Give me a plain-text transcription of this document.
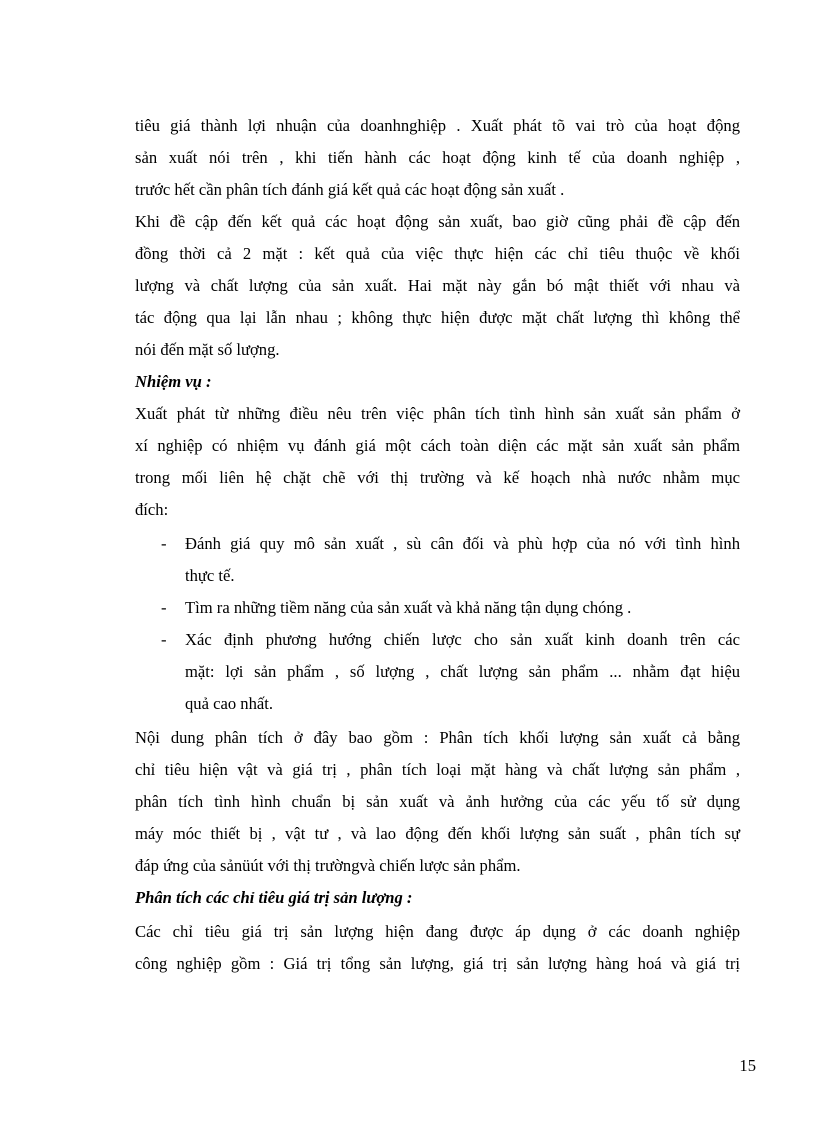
tiêu giá thành lợi nhuận của doanhnghiệp . Xuất phát tõ vai trò của hoạt động
sản xuất nói trên , khi tiến hành các hoạt động kinh tế của doanh nghiệp ,
trước hết cần phân tích đánh giá kết quả các hoạt động sản xuất .
Khi đề cập đến kết quả các hoạt động sản xuất, bao giờ cũng phải đề cập đến
đồng thời cả 2 mặt : kết quả của việc thực hiện các chỉ tiêu thuộc về khối
lượng và chất lượng của sản xuất. Hai mặt này gắn bó mật thiết với nhau và
tác động qua lại lẫn nhau ; không thực hiện được mặt chất lượng thì không thể
nói đến mặt số lượng.
Nhiệm vụ :
Xuất phát từ những điều nêu trên việc phân tích tình hình sản xuất sản phẩm ở
xí nghiệp có nhiệm vụ đánh giá một cách toàn diện các mặt sản xuất sản phẩm
trong mối liên hệ chặt chẽ với thị trường và kế hoạch nhà nước nhằm mục
đích:
- Đánh giá quy mô sản xuất , sù cân đối và phù hợp của nó với tình hình
thực tế.
- Tìm ra những tiềm năng của sản xuất và khả năng tận dụng chóng .
- Xác định phương hướng chiến lược cho sản xuất kinh doanh trên các
mặt: lợi sản phẩm , số lượng , chất lượng sản phẩm ... nhằm đạt hiệu
quả cao nhất.
Nội dung phân tích ở đây bao gồm : Phân tích khối lượng sản xuất cả bằng
chỉ tiêu hiện vật và giá trị , phân tích loại mặt hàng và chất lượng sản phẩm ,
phân tích tình hình chuẩn bị sản xuất và ảnh hưởng của các yếu tố sử dụng
máy móc thiết bị , vật tư , và lao động đến khối lượng sản suất , phân tích sự
đáp ứng của sảnüút với thị trườngvà chiến lược sản phẩm.
Phân tích các chỉ tiêu giá trị sản lượng :
Các chỉ tiêu giá trị sản lượng hiện đang được áp dụng ở các doanh nghiệp
công nghiệp gồm : Giá trị tổng sản lượng, giá trị sản lượng hàng hoá và giá trị
15
